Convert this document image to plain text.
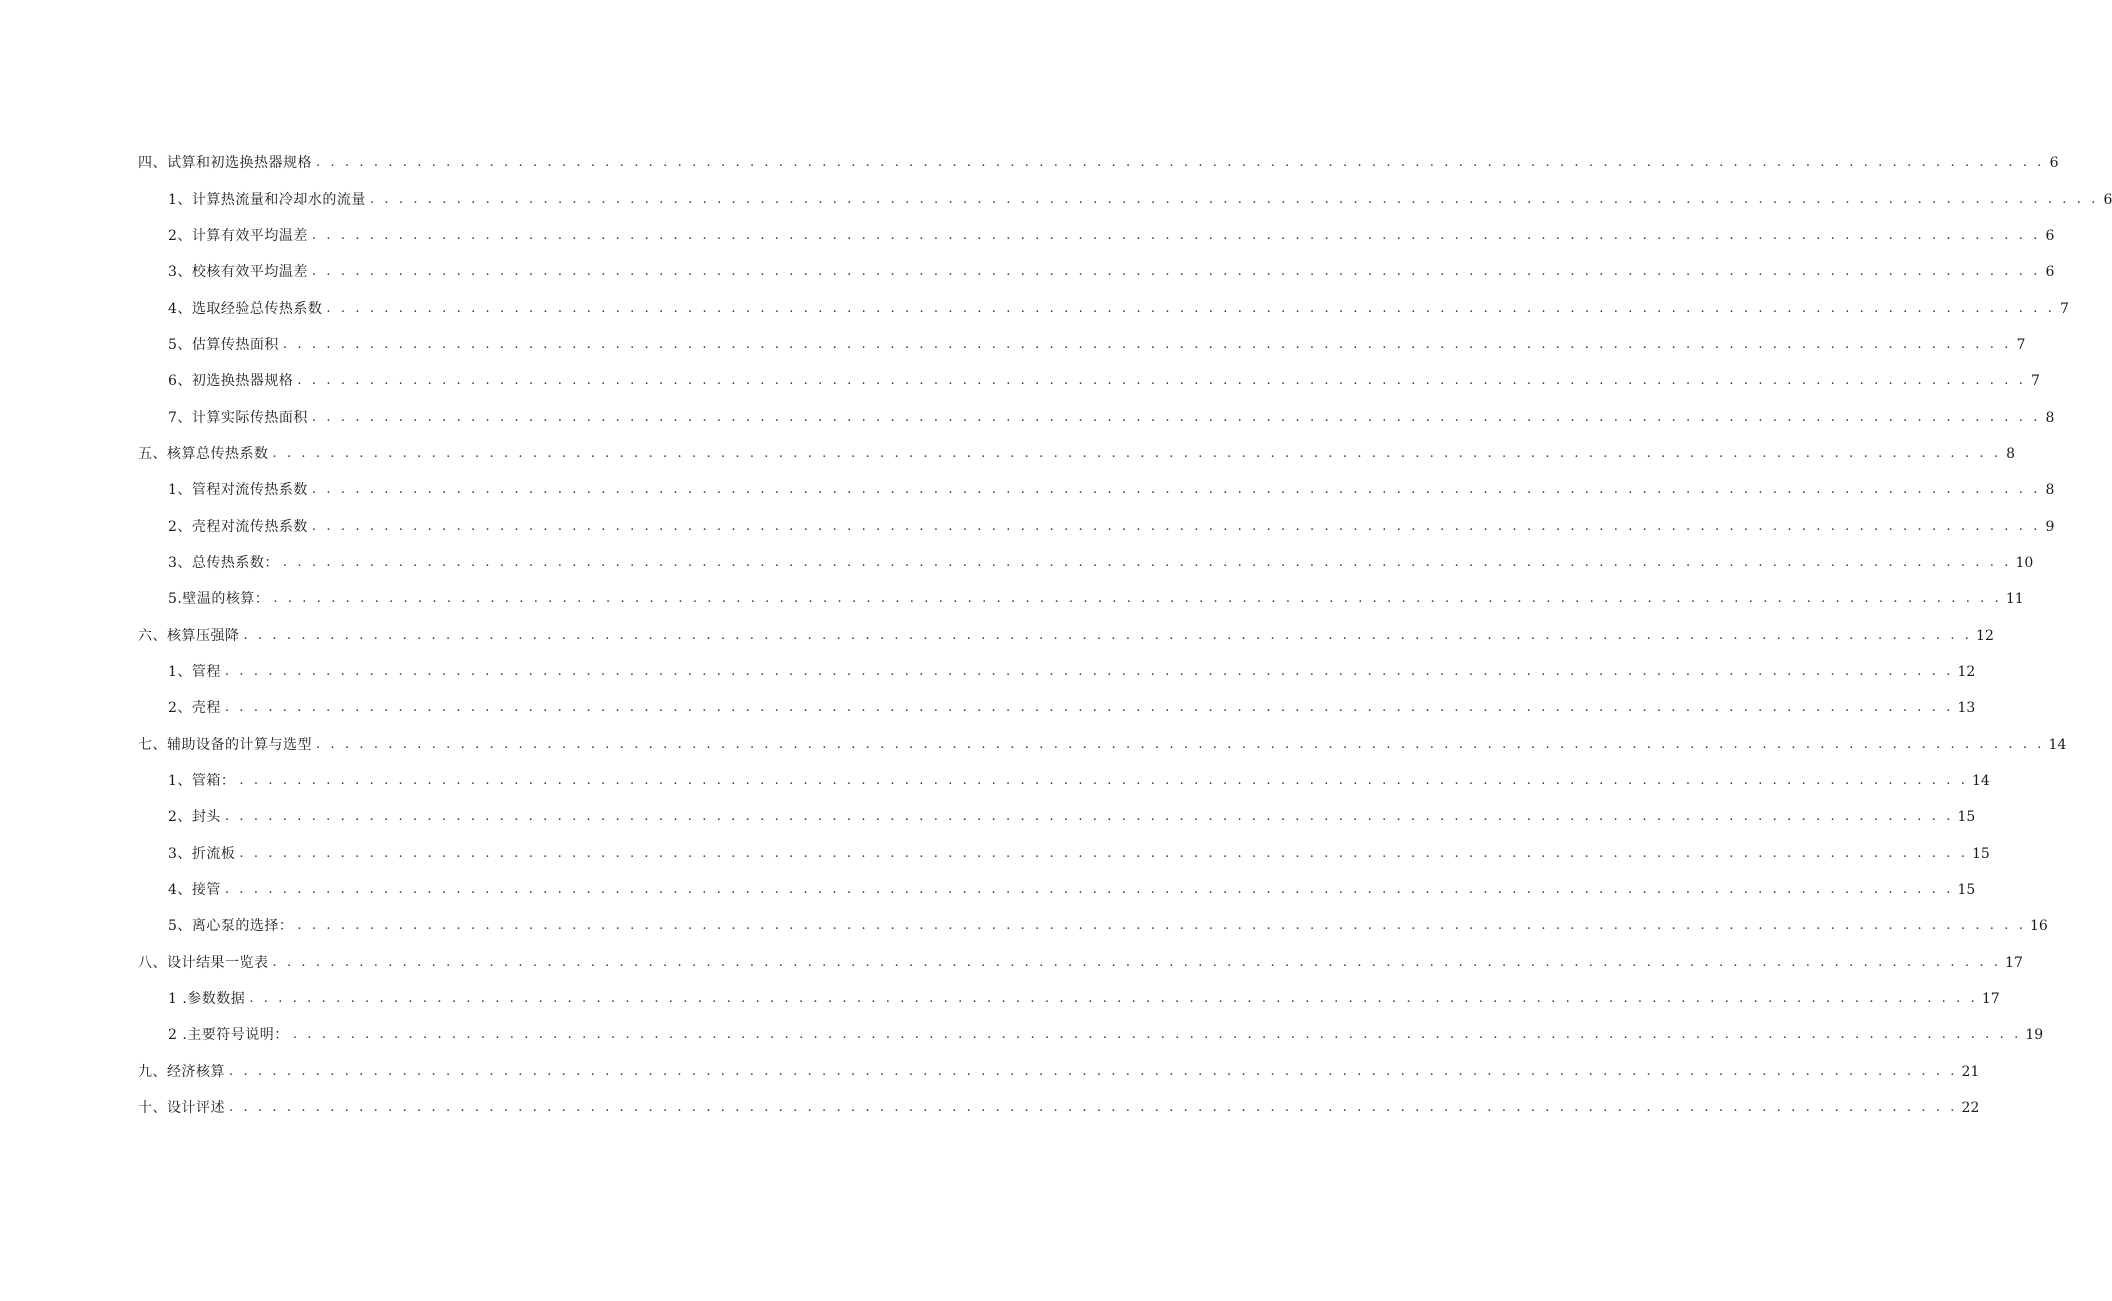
四、试算和初选换热器规格 . . . . . . . . . . . . . . . . . . . . . . . . . . . . . . . . . . . . . . . . . . . . . . . . . . . . . . . . . . . . . . . . . . . . . . . . . . . . . . . . . . . . . . . . . . . . . . . . . . . . . . . . . . . . . . . . . . . . . . . . 6
1、计算热流量和冷却水的流量 . . . . . . . . . . . . . . . . . . . . . . . . . . . . . . . . . . . . . . . . . . . . . . . . . . . . . . . . . . . . . . . . . . . . . . . . . . . . . . . . . . . . . . . . . . . . . . . . . . . . . . . . . . . . . . . . . . . . . . . . 6
2、计算有效平均温差 . . . . . . . . . . . . . . . . . . . . . . . . . . . . . . . . . . . . . . . . . . . . . . . . . . . . . . . . . . . . . . . . . . . . . . . . . . . . . . . . . . . . . . . . . . . . . . . . . . . . . . . . . . . . . . . . . . . . . . . . 6
3、校核有效平均温差 . . . . . . . . . . . . . . . . . . . . . . . . . . . . . . . . . . . . . . . . . . . . . . . . . . . . . . . . . . . . . . . . . . . . . . . . . . . . . . . . . . . . . . . . . . . . . . . . . . . . . . . . . . . . . . . . . . . . . . . . 6
4、选取经验总传热系数 . . . . . . . . . . . . . . . . . . . . . . . . . . . . . . . . . . . . . . . . . . . . . . . . . . . . . . . . . . . . . . . . . . . . . . . . . . . . . . . . . . . . . . . . . . . . . . . . . . . . . . . . . . . . . . . . . . . . . . . . 7
5、估算传热面积 . . . . . . . . . . . . . . . . . . . . . . . . . . . . . . . . . . . . . . . . . . . . . . . . . . . . . . . . . . . . . . . . . . . . . . . . . . . . . . . . . . . . . . . . . . . . . . . . . . . . . . . . . . . . . . . . . . . . . . . . 7
6、初选换热器规格 . . . . . . . . . . . . . . . . . . . . . . . . . . . . . . . . . . . . . . . . . . . . . . . . . . . . . . . . . . . . . . . . . . . . . . . . . . . . . . . . . . . . . . . . . . . . . . . . . . . . . . . . . . . . . . . . . . . . . . . . 7
7、计算实际传热面积 . . . . . . . . . . . . . . . . . . . . . . . . . . . . . . . . . . . . . . . . . . . . . . . . . . . . . . . . . . . . . . . . . . . . . . . . . . . . . . . . . . . . . . . . . . . . . . . . . . . . . . . . . . . . . . . . . . . . . . . . 8
五、核算总传热系数 . . . . . . . . . . . . . . . . . . . . . . . . . . . . . . . . . . . . . . . . . . . . . . . . . . . . . . . . . . . . . . . . . . . . . . . . . . . . . . . . . . . . . . . . . . . . . . . . . . . . . . . . . . . . . . . . . . . . . . . . 8
1、管程对流传热系数 . . . . . . . . . . . . . . . . . . . . . . . . . . . . . . . . . . . . . . . . . . . . . . . . . . . . . . . . . . . . . . . . . . . . . . . . . . . . . . . . . . . . . . . . . . . . . . . . . . . . . . . . . . . . . . . . . . . . . . . . 8
2、壳程对流传热系数 . . . . . . . . . . . . . . . . . . . . . . . . . . . . . . . . . . . . . . . . . . . . . . . . . . . . . . . . . . . . . . . . . . . . . . . . . . . . . . . . . . . . . . . . . . . . . . . . . . . . . . . . . . . . . . . . . . . . . . . . 9
3、总传热系数： . . . . . . . . . . . . . . . . . . . . . . . . . . . . . . . . . . . . . . . . . . . . . . . . . . . . . . . . . . . . . . . . . . . . . . . . . . . . . . . . . . . . . . . . . . . . . . . . . . . . . . . . . . . . . . . . . . . . . . . . 10
5.壁温的核算： . . . . . . . . . . . . . . . . . . . . . . . . . . . . . . . . . . . . . . . . . . . . . . . . . . . . . . . . . . . . . . . . . . . . . . . . . . . . . . . . . . . . . . . . . . . . . . . . . . . . . . . . . . . . . . . . . . . . . . . . 11
六、核算压强降 . . . . . . . . . . . . . . . . . . . . . . . . . . . . . . . . . . . . . . . . . . . . . . . . . . . . . . . . . . . . . . . . . . . . . . . . . . . . . . . . . . . . . . . . . . . . . . . . . . . . . . . . . . . . . . . . . . . . . . . . 12
1、管程 . . . . . . . . . . . . . . . . . . . . . . . . . . . . . . . . . . . . . . . . . . . . . . . . . . . . . . . . . . . . . . . . . . . . . . . . . . . . . . . . . . . . . . . . . . . . . . . . . . . . . . . . . . . . . . . . . . . . . . . . 12
2、壳程 . . . . . . . . . . . . . . . . . . . . . . . . . . . . . . . . . . . . . . . . . . . . . . . . . . . . . . . . . . . . . . . . . . . . . . . . . . . . . . . . . . . . . . . . . . . . . . . . . . . . . . . . . . . . . . . . . . . . . . . . 13
七、辅助设备的计算与选型 . . . . . . . . . . . . . . . . . . . . . . . . . . . . . . . . . . . . . . . . . . . . . . . . . . . . . . . . . . . . . . . . . . . . . . . . . . . . . . . . . . . . . . . . . . . . . . . . . . . . . . . . . . . . . . . . . . . . . . . . 14
1、管箱： . . . . . . . . . . . . . . . . . . . . . . . . . . . . . . . . . . . . . . . . . . . . . . . . . . . . . . . . . . . . . . . . . . . . . . . . . . . . . . . . . . . . . . . . . . . . . . . . . . . . . . . . . . . . . . . . . . . . . . . . 14
2、封头 . . . . . . . . . . . . . . . . . . . . . . . . . . . . . . . . . . . . . . . . . . . . . . . . . . . . . . . . . . . . . . . . . . . . . . . . . . . . . . . . . . . . . . . . . . . . . . . . . . . . . . . . . . . . . . . . . . . . . . . . 15
3、折流板 . . . . . . . . . . . . . . . . . . . . . . . . . . . . . . . . . . . . . . . . . . . . . . . . . . . . . . . . . . . . . . . . . . . . . . . . . . . . . . . . . . . . . . . . . . . . . . . . . . . . . . . . . . . . . . . . . . . . . . . . 15
4、接管 . . . . . . . . . . . . . . . . . . . . . . . . . . . . . . . . . . . . . . . . . . . . . . . . . . . . . . . . . . . . . . . . . . . . . . . . . . . . . . . . . . . . . . . . . . . . . . . . . . . . . . . . . . . . . . . . . . . . . . . . 15
5、离心泵的选择： . . . . . . . . . . . . . . . . . . . . . . . . . . . . . . . . . . . . . . . . . . . . . . . . . . . . . . . . . . . . . . . . . . . . . . . . . . . . . . . . . . . . . . . . . . . . . . . . . . . . . . . . . . . . . . . . . . . . . . . . 16
八、设计结果一览表 . . . . . . . . . . . . . . . . . . . . . . . . . . . . . . . . . . . . . . . . . . . . . . . . . . . . . . . . . . . . . . . . . . . . . . . . . . . . . . . . . . . . . . . . . . . . . . . . . . . . . . . . . . . . . . . . . . . . . . . . 17
1 .参数数据 . . . . . . . . . . . . . . . . . . . . . . . . . . . . . . . . . . . . . . . . . . . . . . . . . . . . . . . . . . . . . . . . . . . . . . . . . . . . . . . . . . . . . . . . . . . . . . . . . . . . . . . . . . . . . . . . . . . . . . . . 17
2 .主要符号说明： . . . . . . . . . . . . . . . . . . . . . . . . . . . . . . . . . . . . . . . . . . . . . . . . . . . . . . . . . . . . . . . . . . . . . . . . . . . . . . . . . . . . . . . . . . . . . . . . . . . . . . . . . . . . . . . . . . . . . . . . 19
九、经济核算 . . . . . . . . . . . . . . . . . . . . . . . . . . . . . . . . . . . . . . . . . . . . . . . . . . . . . . . . . . . . . . . . . . . . . . . . . . . . . . . . . . . . . . . . . . . . . . . . . . . . . . . . . . . . . . . . . . . . . . . . 21
十、设计评述 . . . . . . . . . . . . . . . . . . . . . . . . . . . . . . . . . . . . . . . . . . . . . . . . . . . . . . . . . . . . . . . . . . . . . . . . . . . . . . . . . . . . . . . . . . . . . . . . . . . . . . . . . . . . . . . . . . . . . . . . 22
